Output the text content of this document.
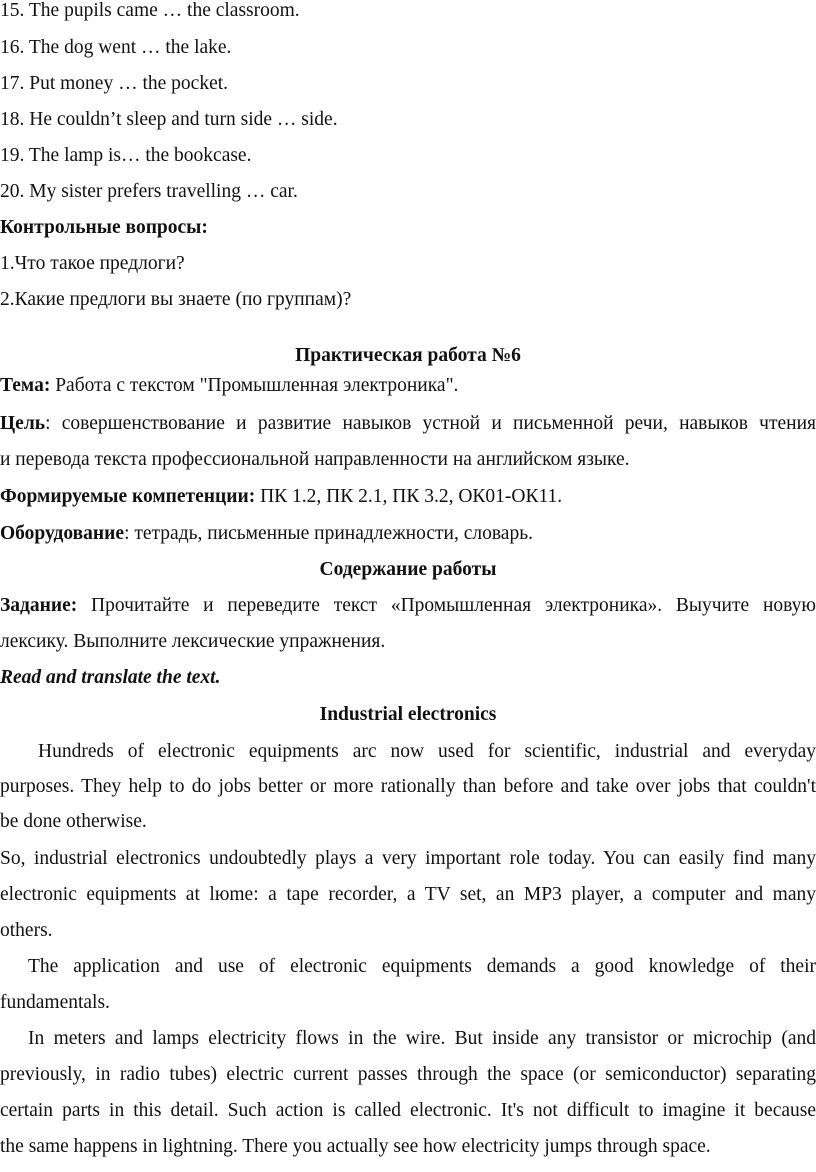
15. The pupils came … the classroom.
16. The dog went … the lake.
17. Put money … the pocket.
18. He couldn’t sleep and turn side … side.
19. The lamp is… the bookcase.
20. My sister prefers travelling … car.
Контрольные вопросы:
1.Что такое предлоги?
2.Какие предлоги вы знаете (по группам)?
Практическая работа №6
Тема: Работа с текстом "Промышленная электроника".
Цель: совершенствование и развитие навыков устной и письменной речи, навыков чтения
и перевода текста профессиональной направленности на английском языке.
Формируемые компетенции: ПК 1.2, ПК 2.1, ПК 3.2, ОК01-ОК11.
Оборудование: тетрадь, письменные принадлежности, словарь.
Содержание работы
Задание: Прочитайте и переведите текст «Промышленная электроника». Выучите новую
лексику. Выполните лексические упражнения.
Read and translate the text.
Industrial electronics
Hundreds of electronic equipments arc now used for scientific, industrial and everyday
purposes. They help to do jobs better or more rationally than before and take over jobs that couldn't
be done otherwise.
So, industrial electronics undoubtedly plays a very important role today. You can easily find many
electronic equipments at lюme: a tape recorder, a TV set, an MP3 player, a computer and many
others.
The application and use of electronic equipments demands a good knowledge of their
fundamentals.
In meters and lamps electricity flows in the wire. But inside any transistor or microchip (and
previously, in radio tubes) electric current passes through the space (or semiconductor) separating
certain parts in this detail. Such action is called electronic. It's not difficult to imagine it because
the same happens in lightning. There you actually see how electricity jumps through space.
